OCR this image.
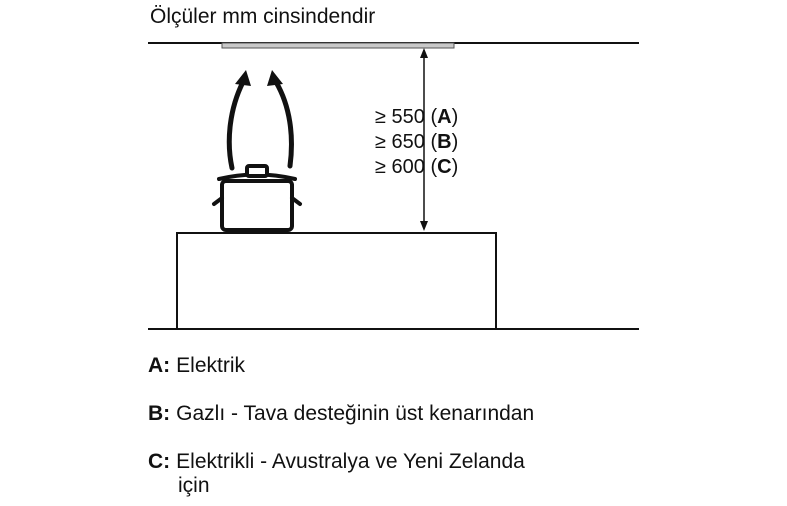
Ölçüler mm cinsindendir
≥ 550 (A)
≥ 650 (B)
≥ 600 (C)
A: Elektrik
B: Gazlı - Tava desteğinin üst kenarından
C: Elektrikli - Avustralya ve Yeni Zelanda
için
